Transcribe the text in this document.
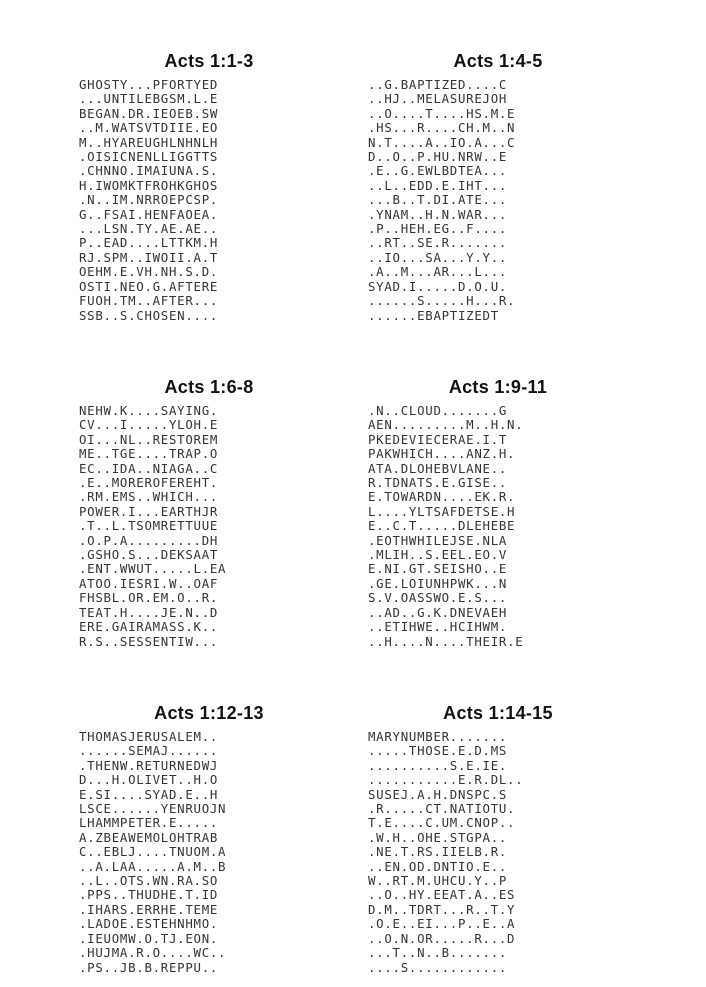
Acts 1:1-3
GHOSTY...PFORTYED
...UNTILEBGSM.L.E
BEGAN.DR.IEOEB.SW
..M.WATSVTDIIE.EO
M..HYAREUGHLNHNLH
.OISICNENLLIGGTTS
.CHNNO.IMAIUNA.S.
H.IWOMKTFROHKGHOS
.N..IM.NRROEPCSP.
G..FSAI.HENFAOEA.
...LSN.TY.AE.AE..
P..EAD....LTTKM.H
RJ.SPM..IWOII.A.T
OEHM.E.VH.NH.S.D.
OSTI.NEO.G.AFTERE
FUOH.TM..AFTER...
SSB..S.CHOSEN....
Acts 1:4-5
..G.BAPTIZED....C
..HJ..MELASUREJOH
..O....T....HS.M.E
.HS...R....CH.M..N
N.T....A..IO.A...C
D..O..P.HU.NRW..E
.E..G.EWLBDTEA...
..L..EDD.E.IHT...
...B..T.DI.ATE...
.YNAM..H.N.WAR...
.P..HEH.EG..F....
..RT..SE.R.......
..IO...SA...Y.Y..
.A..M...AR...L...
SYAD.I.....D.O.U.
......S.....H...R.
......EBAPTIZEDT
Acts 1:6-8
NEHW.K....SAYING.
CV...I.....YLOH.E
OI...NL..RESTOREM
ME..TGE....TRAP.O
EC..IDA..NIAGA..C
.E..MOREROFEREHT.
.RM.EMS..WHICH...
POWER.I...EARTHJR
.T..L.TSOMRETTUUE
.O.P.A.........DH
.GSHO.S...DEKSAAT
.ENT.WWUT.....L.EA
ATOO.IESRI.W..OAF
FHSBL.OR.EM.O..R.
TEAT.H....JE.N..D
ERE.GAIRAMASS.K..
R.S..SESSENTIW...
Acts 1:9-11
.N..CLOUD.......G
AEN.........M..H.N.
PKEDEVIECERAE.I.T
PAKWHICH....ANZ.H.
ATA.DLOHEBVLANE..
R.TDNATS.E.GISE..
E.TOWARDN....EK.R.
L....YLTSAFDETSE.H
E..C.T.....DLEHEBE
.EOTHWHILEJSE.NLA
.MLIH..S.EEL.EO.V
E.NI.GT.SEISHO..E
.GE.LOIUNHPWK...N
S.V.OASSWO.E.S...
..AD..G.K.DNEVAEH
..ETIHWE..HCIHWM.
..H....N....THEIR.E
Acts 1:12-13
THOMASJERUSALEM..
......SEMAJ......
.THENW.RETURNEDWJ
D...H.OLIVET..H.O
E.SI....SYAD.E..H
LSCE......YENRUOJN
LHAMMPETER.E.....
A.ZBEAWEMOLOHTRAB
C..EBLJ....TNUOM.A
..A.LAA.....A.M..B
..L..OTS.WN.RA.SO
.PPS..THUDHE.T.ID
.IHARS.ERRHE.TEME
.LADOE.ESTEHNHMO.
.IEUOMW.O.TJ.EON.
.HUJMA.R.O....WC..
.PS..JB.B.REPPU..
Acts 1:14-15
MARYNUMBER.......
.....THOSE.E.D.MS
..........S.E.IE.
...........E.R.DL..
SUSEJ.A.H.DNSPC.S
.R.....CT.NATIOTU.
T.E....C.UM.CNOP..
.W.H..OHE.STGPA..
.NE.T.RS.IIELB.R.
..EN.OD.DNTIO.E..
W..RT.M.UHCU.Y..P
..O..HY.EEAT.A..ES
D.M..TDRT...R..T.Y
.O.E..EI...P..E..A
..O.N.OR.....R...D
...T..N..B.......
....S............
